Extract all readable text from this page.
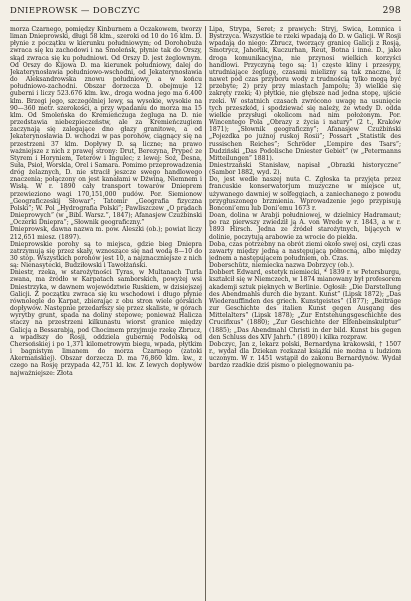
DNIEPROWSK — DOBCZYC	298

morza Czarnego, pomiędzy Kinburnem a Oczakowem, tworzy liman Dnieprowski, długi 58 klm., szeroki od 10 do 16 klm. D. płynie z początku w kierunku południowym; od Dorohobuża zwraca się ku zachodowi i na Smoleńsk, płynie tak do Orszy, skąd zwraca się ku południowi. Od Orszy D. jest żeglownym. Od Orszy do Kijowa D. ma kierunek południowy, dalej do Jekaterynosławia południowo-wschodni, od Jekaterynosławia do Aleksandrowska znowu południowy, a w końcu południowo-zachodni. Obszar dorzecza D. obejmuje 12 guberni i liczy 523.676 klm. kw., droga wodna jego ma 6.400 klm. Brzegi jego, szczególniej lewy, są wysokie, wysokie na 90—360 metr. szerokości, a przy wpadaniu do morza ma 15 klm. Od Smoleńska do Kremieńczuga żegluga na D. nie przedstawia niebezpieczeństw, ale za Kremieńczugiem zaczynają się zalegające dno głazy granitowe, a od Jekaterynosławia D. wchodzi w pas porohów, ciągnący się na przestrzeni 37 klm. Dopływy D. są liczne; na prawo ważniejsze z nich z prawej strony: Drut, Berezyna, Prypeć ze Styrem i Horyniem, Teterów i Ingulec; z lewej: Soż, Desna, Suła, Psioł, Worskla, Orel i Samara. Pomimo przeprowadzenia dróg żelaznych, D. nie stracił jeszcze swego handlowego znaczenia; połączony on jest kanałami w Dźwiną, Niemnem i Wisłą. W r. 1890 cały transport towarów Dnieprem przewieziono wagi 170,151,000 pudów. Por. Siemionow „Geograficzeskij Słowar”; Tatomir „Geografia fizyczna Polski”; W. Pol „Hydrografia Polski”; Pawliszczew „O prądach Dnieprowych” (w „Bibl. Warsz.”, 1847); Afanasjew Czużbinski „Oczerki Dniepra”; „Słownik geograficzny.”

Dnieprowsk, dawna nazwa m. pow. Aleszki (ob.); powiat liczy 212,651 miesz. (1897).

Dnieprowskie porohy są to miejsca, gdzie bieg Dniepra zatrzymują się przez skały, wznoszące się nad wodą 8—10 do 30 stóp. Wszystkich porohów jest 10, a najznaczniejsze z nich są: Nienasytecki, Budziłowski i Tawołżański.

Dniestr, rzeka, w starożytności Tyras, w Multanach Turla zwana, ma źródło w Karpatach samborskich, powyżej wsi Dniestrzyka, w dawnem województwie Ruskiem, w dzisiejszej Galicji. Z początku zwraca się ku wschodowi i długo płynie równolegle do Karpat, zbierając z obu stron wiele górskich dopływów. Następnie przedarłszy się przez skaliste, w górach wyrytby grunt, spada na doliny stepowe; ponieważ Halicza staczy na przestrzeni kilkunastu wiorst granice między Galicją a Bessarabją, pod Chocimem przyjmuje rzekę Zbrucz, a wpadłszy do Rosji, oddziela gubernię Podolską od Chersońskiej i po 1,371 kilometrowym biegu, wpada, płytkim i bagnistym limanem do morza Czarnego (zatoki Akermańskiej). Obszar dorzecza D. ma 76,860 klm. kw., z czego na Rosję przypada 42,751 kl. kw. Z lewych dopływów najważniejsze: Złota

Lipa, Strypa, Seret; z prawych: Stryj, Świca, Łomnica i Bystrzyca. Wszystkie te rzeki wpadają do D. w Galicji. W Rosji wpadają do niego: Zbrucz, tworzący granicę Galicji z Rosją, Smotrycz, Jahorlik, Kuczurhan, Reut, Botna i inne. D., jako droga komunikacyjna, nie przynosi wielkich korzyści handlowi. Przyczyną tego są: 1) częste kliny i przesypy, utrudniające żeglugę, czasami mielizny są tak znaczne, iż nawet pod czas przyboru wody z trudnością tylko mogą być przebyte; 2) przy przy miastach Jampolu; 3) wielkie się zakręty rzeki; 4) płytkie, nie głębsze nad jedna stopę, ujście rzeki. W ostatnich czasach zwrócono uwagę na usunięcie tych przeszkód, i spodziewać się należy, że wtedy D. odda wielkie przysługi okolicom nad nim położonym. Por. Wincentego Pola „Obrazy z życia i natury” (2 t., Kraków 1871); „Słownik geograficzny”; Afanasjew Czużbiński „Pojezdka po jużnoj ruskoj Rosii”; Possart „Statistik des russischen Reiches”; Schröder „L’empire des Tsars”; Dudziński „Das Podolische Dniester Gebiet” (w „Petermanns Mitteilungen” 1881).

Dniestrzański Stanisław, napisał „Obrazki historyczne” (Sambor 1882, wyd. 2).

Do, jest wedle naszej nuta C. Zgłoska ta przyjęta przez francuskie konserwatorjum muzyczne w miejsce ut, używanego dawniej w solfeggiach, a zaniechanego z powodu przygłuszonego brzmienia. Wprowadzenie jego przypisują Bonconi’emu lub Doni’emu 1673 r.

Doan, dolina w Arabji południowej, w dzielnicy Hadramaut; po raz pierwszy zwiedził ją A. von Wrede w r. 1843, a w r. 1893 Hirsch. Jedna ze źródeł starożytnych, bijących w dolinie, poczytują arabowie za wrocie do piekła.

Doba, czas potrzebny na obrót ziemi około swej osi, czyli czas zawarty między jedną a następującą północną, albo między jednem a następującem południem, ob. Czas.

Doberschütz, niemiecka nazwa Dobrzycy (ob.).

Dobbert Edward, estetyk niemiecki, * 1839 r. w Petersburgu, kształcił się w Niemczech, w 1874 mianowany był profesorem akademji sztuk pięknych w Berlinie. Ogłosił: „Die Darstellung des Abendmahls durch die byzant. Kunst” (Lipsk 1872); „Das Wiederauffinden des griech. Kunstgeistes” (1877); „Beiträge zur Geschichte des italien Kunst gegen Ausgang des Mittelalters” (Lipsk 1878); „Zur Entstehungsgeschichte des Crucifixus” (1880); „Zur Geschichte der Elfenbeinskulptur” (1885); „Das Abendmahl Christi in der bild. Kunst bis gegen den Schluss des XIV Jahrh.” (1890) i kilka rozpraw.

Dobczyc, Jan z, lekarz polski, Bernardyna krakowski, † 1507 r., wydał dla Dziekan rozkazał książki nie można u ludziom uczonym. W r. 1451 wstąpił do zakonu Bernardynów. Wydał bardzo rzadkie dziś pismo o pielęgnowaniu pa-
